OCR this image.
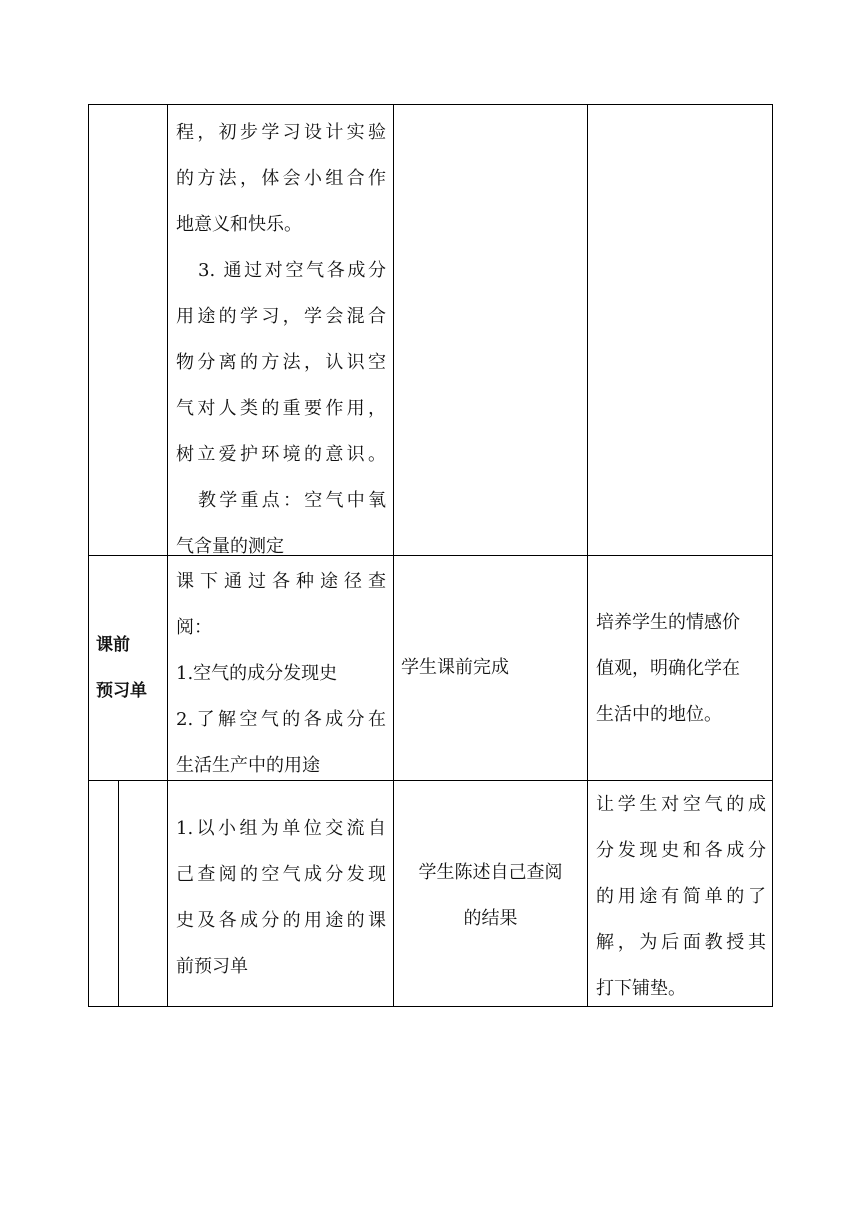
程，初步学习设计实验

的方法，体会小组合作

地意义和快乐。

3. 通过对空气各成分

用途的学习，学会混合

物分离的方法，认识空

气对人类的重要作用，

树立爱护环境的意识。

教学重点：空气中氧

气含量的测定

课前

预习单

课下通过各种途径查

阅：

1.空气的成分发现史

2.了解空气的各成分在

生活生产中的用途

学生课前完成

培养学生的情感价

值观，明确化学在

生活中的地位。

1.以小组为单位交流自

己查阅的空气成分发现

史及各成分的用途的课

前预习单

学生陈述自己查阅

的结果

让学生对空气的成

分发现史和各成分

的用途有简单的了

解，为后面教授其

打下铺垫。
